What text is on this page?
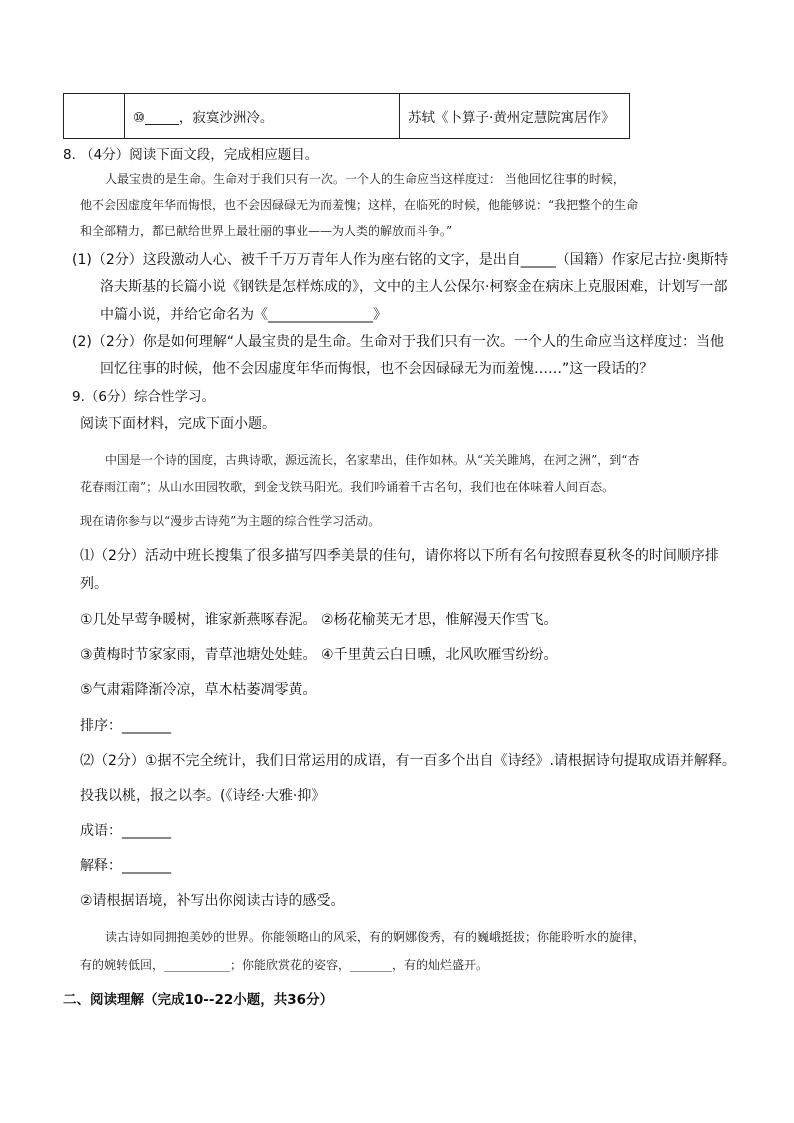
	⑩_____，寂寞沙洲冷。	苏轼《卜算子·黄州定慧院寓居作》
8. （4分）阅读下面文段，完成相应题目。
人最宝贵的是生命。生命对于我们只有一次。一个人的生命应当这样度过： 当他回忆往事的时候，
他不会因虚度年华而悔恨，也不会因碌碌无为而羞愧；这样，在临死的时候，他能够说：“我把整个的生命
和全部精力，都已献给世界上最壮丽的事业——为人类的解放而斗争。”
(1)（2分）这段激动人心、被千千万万青年人作为座右铭的文字，是出自_____（国籍）作家尼古拉·奥斯特
洛夫斯基的长篇小说《钢铁是怎样炼成的》，文中的主人公保尔·柯察金在病床上克服困难，计划写一部
中篇小说，并给它命名为《_______________》
(2)（2分）你是如何理解“人最宝贵的是生命。生命对于我们只有一次。一个人的生命应当这样度过：当他
回忆往事的时候，他不会因虚度年华而悔恨，也不会因碌碌无为而羞愧……”这一段话的？
9.（6分）综合性学习。
阅读下面材料，完成下面小题。
中国是一个诗的国度，古典诗歌，源远流长，名家辈出，佳作如林。从“关关雎鸠，在河之洲”，到“杏
花春雨江南”；从山水田园牧歌，到金戈铁马阳光。我们吟诵着千古名句，我们也在体味着人间百态。
现在请你参与以“漫步古诗苑”为主题的综合性学习活动。
⑴（2分）活动中班长搜集了很多描写四季美景的佳句，请你将以下所有名句按照春夏秋冬的时间顺序排
列。
①几处早莺争暖树，谁家新燕啄春泥。 ②杨花榆荚无才思，惟解漫天作雪飞。
③黄梅时节家家雨，青草池塘处处蛙。 ④千里黄云白日曛，北风吹雁雪纷纷。
⑤气肃霜降渐冷凉，草木枯萎凋零黄。
排序：_______
⑵（2分）①据不完全统计，我们日常运用的成语，有一百多个出自《诗经》.请根据诗句提取成语并解释。
投我以桃，报之以李。(《诗经·大雅·抑》
成语：_______
解释：_______
②请根据语境，补写出你阅读古诗的感受。
读古诗如同拥抱美妙的世界。你能领略山的风采，有的婀娜俊秀，有的巍峨挺拔；你能聆听水的旋律，
有的婉转低回，___________；你能欣赏花的姿容，_______，有的灿烂盛开。
二、阅读理解（完成10--22小题，共36分）
